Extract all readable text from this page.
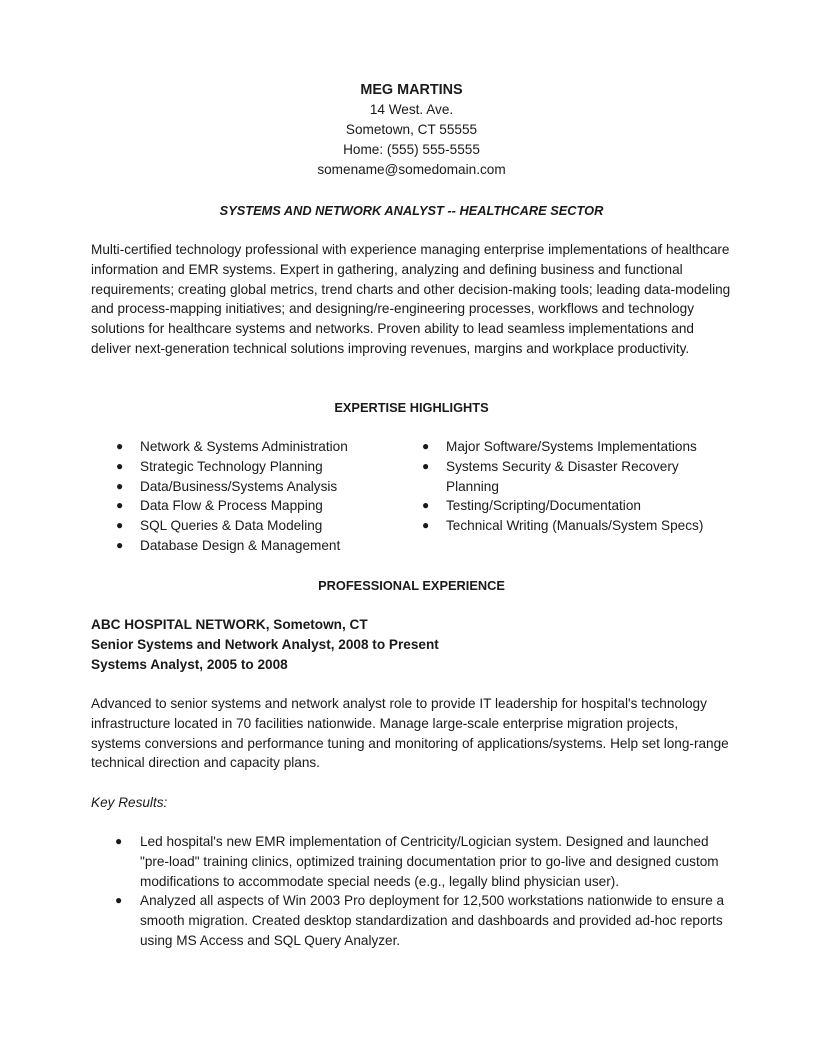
MEG MARTINS
14 West. Ave.
Sometown, CT 55555
Home: (555) 555-5555
somename@somedomain.com
SYSTEMS AND NETWORK ANALYST -- HEALTHCARE SECTOR

Multi-certified technology professional with experience managing enterprise implementations of healthcare information and EMR systems. Expert in gathering, analyzing and defining business and functional requirements; creating global metrics, trend charts and other decision-making tools; leading data-modeling and process-mapping initiatives; and designing/re-engineering processes, workflows and technology solutions for healthcare systems and networks. Proven ability to lead seamless implementations and deliver next-generation technical solutions improving revenues, margins and workplace productivity.

EXPERTISE HIGHLIGHTS
● Network & Systems Administration
● Strategic Technology Planning
● Data/Business/Systems Analysis
● Data Flow & Process Mapping
● SQL Queries & Data Modeling
● Database Design & Management
● Major Software/Systems Implementations
● Systems Security & Disaster Recovery Planning
● Testing/Scripting/Documentation
● Technical Writing (Manuals/System Specs)
PROFESSIONAL EXPERIENCE
ABC HOSPITAL NETWORK, Sometown, CT
Senior Systems and Network Analyst, 2008 to Present
Systems Analyst, 2005 to 2008

Advanced to senior systems and network analyst role to provide IT leadership for hospital's technology infrastructure located in 70 facilities nationwide. Manage large-scale enterprise migration projects, systems conversions and performance tuning and monitoring of applications/systems. Help set long-range technical direction and capacity plans.

Key Results:

● Led hospital's new EMR implementation of Centricity/Logician system. Designed and launched "pre-load" training clinics, optimized training documentation prior to go-live and designed custom modifications to accommodate special needs (e.g., legally blind physician user).
● Analyzed all aspects of Win 2003 Pro deployment for 12,500 workstations nationwide to ensure a smooth migration. Created desktop standardization and dashboards and provided ad-hoc reports using MS Access and SQL Query Analyzer.
